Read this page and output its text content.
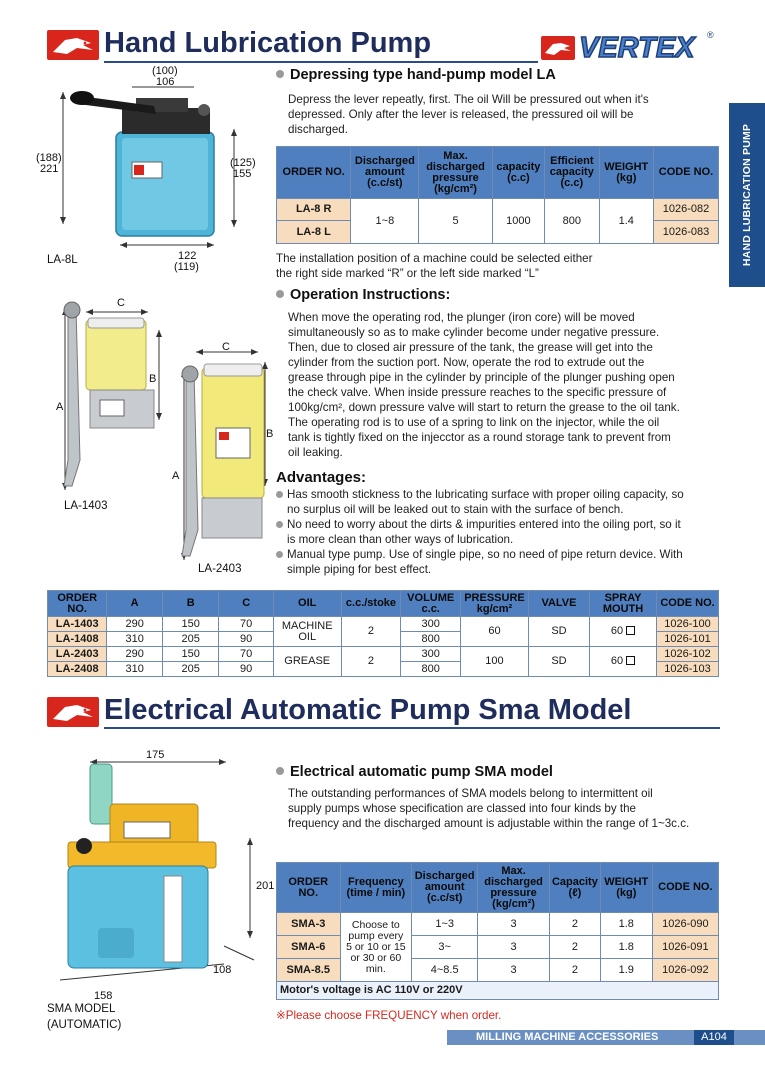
Hand Lubrication Pump	VERTEX ®
HAND LUBRICATION PUMP
(100)
106
(188)
221	(125)
155
122
(119)
LA-8L
Depressing type hand-pump model LA
Depress the lever repeatly, first. The oil Will be pressured out when it's
depressed. Only after the lever is released, the pressured oil will be
discharged.
ORDER NO.	Discharged amount (c.c/st)	Max. discharged pressure (kg/cm²)	capacity (c.c)	Efficient capacity (c.c)	WEIGHT (kg)	CODE NO.
LA-8 R	1~8	5	1000	800	1.4	1026-082
LA-8 L						1026-083
The installation position of a machine could be selected either
the right side marked “R” or the left side marked “L”
Operation Instructions:
When move the operating rod, the plunger (iron core) will be moved
simultaneously so as to make cylinder become under negative pressure.
Then, due to closed air pressure of the tank, the grease will get into the
cylinder from the suction port. Now, operate the rod to extrude out the
grease through pipe in the cylinder by principle of the plunger pushing open
the check valve. When inside pressure reaches to the specific pressure of
100kg/cm², down pressure valve will start to return the grease to the oil tank.
The operating rod is to use of a spring to link on the injector, while the oil
tank is tightly fixed on the injecctor as a round storage tank to prevent from
oil leaking.
Advantages:
Has smooth stickness to the lubricating surface with proper oiling capacity, so
no surplus oil will be leaked out to stain with the surface of bench.
No need to worry about the dirts & impurities entered into the oiling port, so it
is more clean than other ways of lubrication.
Manual type pump. Use of single pipe, so no need of pipe return device. With
simple piping for best effect.
C
B
A
LA-1403
C
B
A
LA-2403
ORDER NO.	A	B	C	OIL	c.c./stoke	VOLUME c.c.	PRESSURE kg/cm²	VALVE	SPRAY MOUTH	CODE NO.
LA-1403	290	150	70	MACHINE OIL	2	300	60	SD	60	1026-100
LA-1408	310	205	90			800				1026-101
LA-2403	290	150	70	GREASE	2	300	100	SD	60	1026-102
LA-2408	310	205	90			800				1026-103
Electrical Automatic Pump Sma Model
175
201
108
158
SMA MODEL
(AUTOMATIC)
Electrical automatic pump SMA model
The outstanding performances of SMA models belong to intermittent oil
supply pumps whose specification are classed into four kinds by the
frequency and the discharged amount is adjustable within the range of 1~3c.c.
ORDER NO.	Frequency (time / min)	Discharged amount (c.c/st)	Max. discharged pressure (kg/cm²)	Capacity (ℓ)	WEIGHT (kg)	CODE NO.
SMA-3	Choose to pump every 5 or 10 or 15 or 30 or 60 min.	1~3	3	2	1.8	1026-090
SMA-6		3~	3	2	1.8	1026-091
SMA-8.5		4~8.5	3	2	1.9	1026-092
Motor's voltage is AC 110V or 220V						
※Please choose FREQUENCY when order.
MILLING MACHINE ACCESSORIES	A104
